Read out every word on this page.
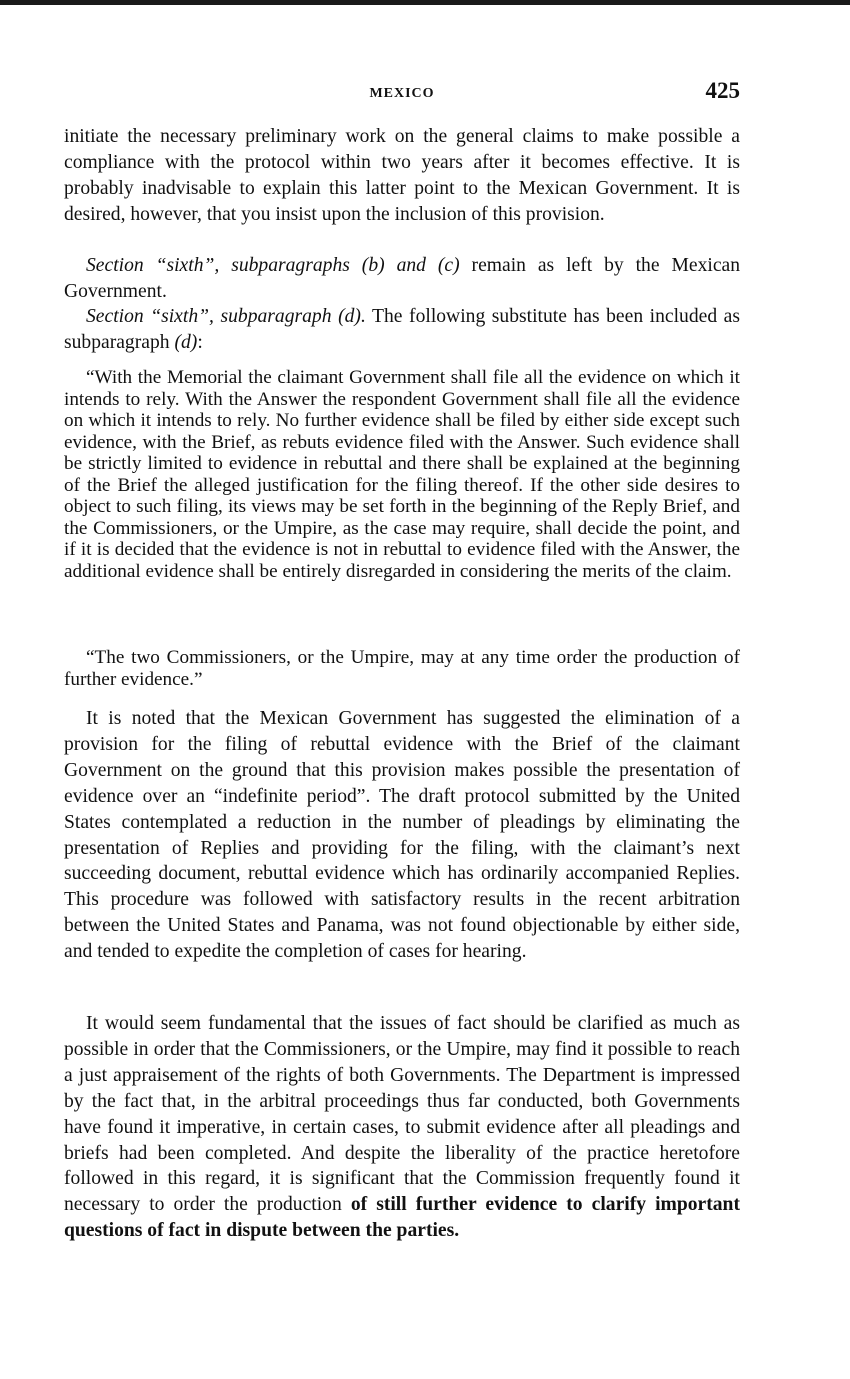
MEXICO	425

initiate the necessary preliminary work on the general claims to make possible a compliance with the protocol within two years after it becomes effective. It is probably inadvisable to explain this latter point to the Mexican Government. It is desired, however, that you insist upon the inclusion of this provision.

Section “sixth”, subparagraphs (b) and (c) remain as left by the Mexican Government.

Section “sixth”, subparagraph (d). The following substitute has been included as subparagraph (d):

“With the Memorial the claimant Government shall file all the evidence on which it intends to rely. With the Answer the respondent Government shall file all the evidence on which it intends to rely. No further evidence shall be filed by either side except such evidence, with the Brief, as rebuts evidence filed with the Answer. Such evidence shall be strictly limited to evidence in rebuttal and there shall be explained at the beginning of the Brief the alleged justification for the filing thereof. If the other side desires to object to such filing, its views may be set forth in the beginning of the Reply Brief, and the Commissioners, or the Umpire, as the case may require, shall decide the point, and if it is decided that the evidence is not in rebuttal to evidence filed with the Answer, the additional evidence shall be entirely disregarded in considering the merits of the claim.

“The two Commissioners, or the Umpire, may at any time order the production of further evidence.”

It is noted that the Mexican Government has suggested the elimination of a provision for the filing of rebuttal evidence with the Brief of the claimant Government on the ground that this provision makes possible the presentation of evidence over an “indefinite period”. The draft protocol submitted by the United States contemplated a reduction in the number of pleadings by eliminating the presentation of Replies and providing for the filing, with the claimant’s next succeeding document, rebuttal evidence which has ordinarily accompanied Replies. This procedure was followed with satisfactory results in the recent arbitration between the United States and Panama, was not found objectionable by either side, and tended to expedite the completion of cases for hearing.

It would seem fundamental that the issues of fact should be clarified as much as possible in order that the Commissioners, or the Umpire, may find it possible to reach a just appraisement of the rights of both Governments. The Department is impressed by the fact that, in the arbitral proceedings thus far conducted, both Governments have found it imperative, in certain cases, to submit evidence after all pleadings and briefs had been completed. And despite the liberality of the practice heretofore followed in this regard, it is significant that the Commission frequently found it necessary to order the production of still further evidence to clarify important questions of fact in dispute between the parties.
